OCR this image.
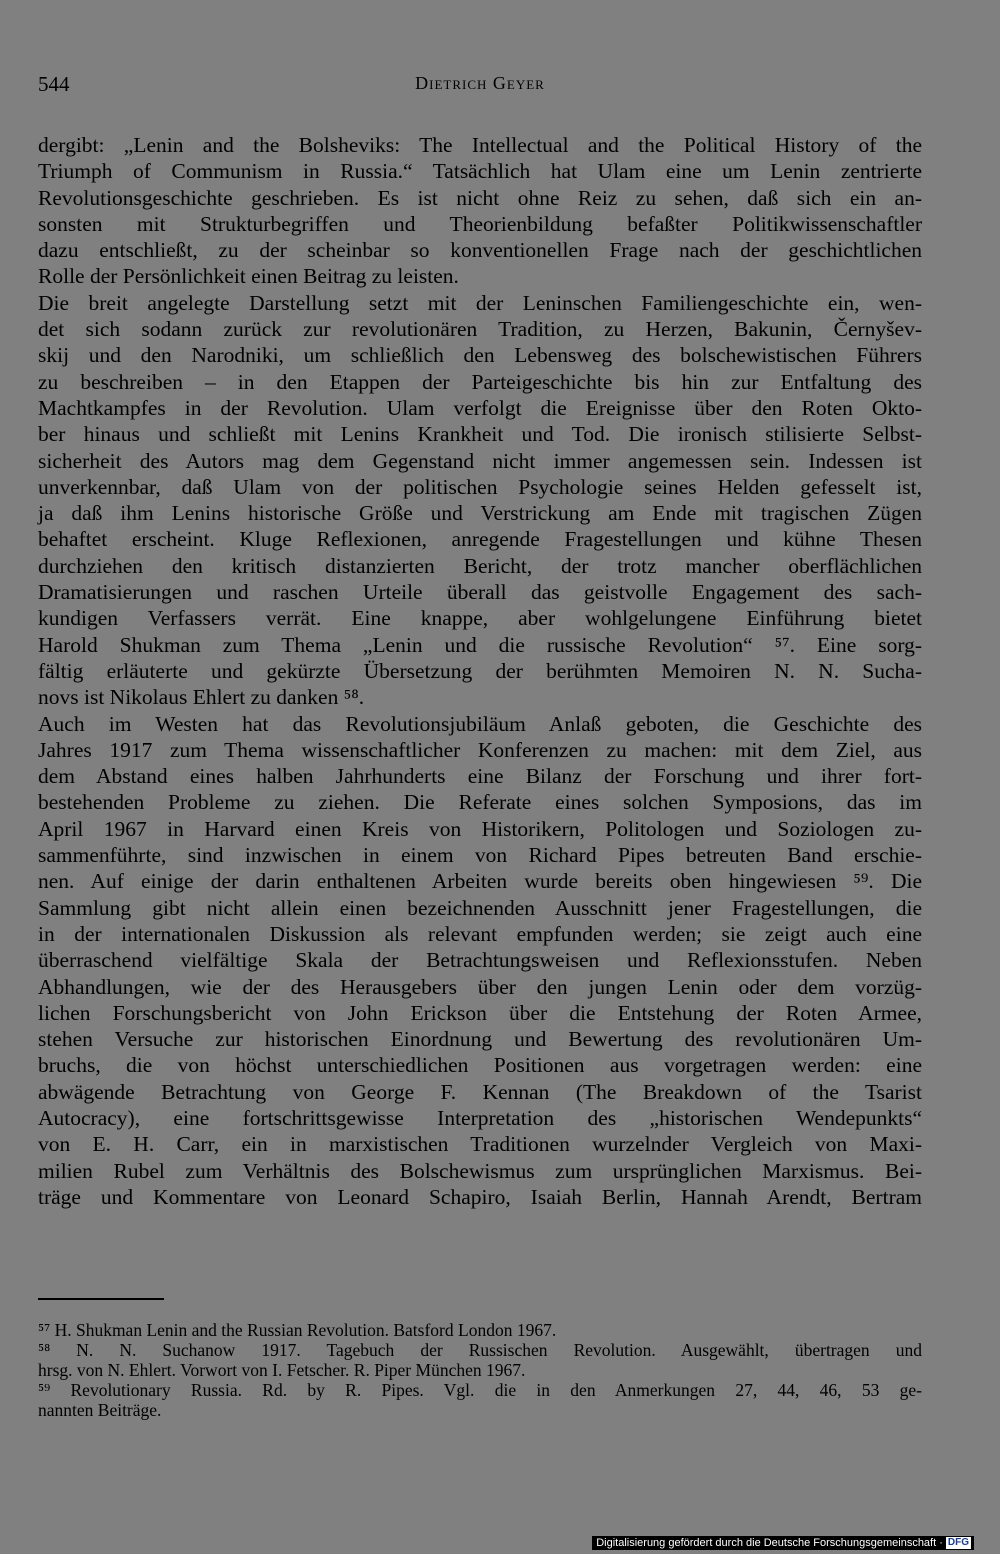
544	Dietrich Geyer
dergibt: „Lenin and the Bolsheviks: The Intellectual and the Political History of the
Triumph of Communism in Russia.“ Tatsächlich hat Ulam eine um Lenin zentrierte
Revolutionsgeschichte geschrieben. Es ist nicht ohne Reiz zu sehen, daß sich ein an-
sonsten mit Strukturbegriffen und Theorienbildung befaßter Politikwissenschaftler
dazu entschließt, zu der scheinbar so konventionellen Frage nach der geschichtlichen
Rolle der Persönlichkeit einen Beitrag zu leisten.
Die breit angelegte Darstellung setzt mit der Leninschen Familiengeschichte ein, wen-
det sich sodann zurück zur revolutionären Tradition, zu Herzen, Bakunin, Černyšev-
skij und den Narodniki, um schließlich den Lebensweg des bolschewistischen Führers
zu beschreiben – in den Etappen der Parteigeschichte bis hin zur Entfaltung des
Machtkampfes in der Revolution. Ulam verfolgt die Ereignisse über den Roten Okto-
ber hinaus und schließt mit Lenins Krankheit und Tod. Die ironisch stilisierte Selbst-
sicherheit des Autors mag dem Gegenstand nicht immer angemessen sein. Indessen ist
unverkennbar, daß Ulam von der politischen Psychologie seines Helden gefesselt ist,
ja daß ihm Lenins historische Größe und Verstrickung am Ende mit tragischen Zügen
behaftet erscheint. Kluge Reflexionen, anregende Fragestellungen und kühne Thesen
durchziehen den kritisch distanzierten Bericht, der trotz mancher oberflächlichen
Dramatisierungen und raschen Urteile überall das geistvolle Engagement des sach-
kundigen Verfassers verrät. Eine knappe, aber wohlgelungene Einführung bietet
Harold Shukman zum Thema „Lenin und die russische Revolution“ ⁵⁷. Eine sorg-
fältig erläuterte und gekürzte Übersetzung der berühmten Memoiren N. N. Sucha-
novs ist Nikolaus Ehlert zu danken ⁵⁸.
Auch im Westen hat das Revolutionsjubiläum Anlaß geboten, die Geschichte des
Jahres 1917 zum Thema wissenschaftlicher Konferenzen zu machen: mit dem Ziel, aus
dem Abstand eines halben Jahrhunderts eine Bilanz der Forschung und ihrer fort-
bestehenden Probleme zu ziehen. Die Referate eines solchen Symposions, das im
April 1967 in Harvard einen Kreis von Historikern, Politologen und Soziologen zu-
sammenführte, sind inzwischen in einem von Richard Pipes betreuten Band erschie-
nen. Auf einige der darin enthaltenen Arbeiten wurde bereits oben hingewiesen ⁵⁹. Die
Sammlung gibt nicht allein einen bezeichnenden Ausschnitt jener Fragestellungen, die
in der internationalen Diskussion als relevant empfunden werden; sie zeigt auch eine
überraschend vielfältige Skala der Betrachtungsweisen und Reflexionsstufen. Neben
Abhandlungen, wie der des Herausgebers über den jungen Lenin oder dem vorzüg-
lichen Forschungsbericht von John Erickson über die Entstehung der Roten Armee,
stehen Versuche zur historischen Einordnung und Bewertung des revolutionären Um-
bruchs, die von höchst unterschiedlichen Positionen aus vorgetragen werden: eine
abwägende Betrachtung von George F. Kennan (The Breakdown of the Tsarist
Autocracy), eine fortschrittsgewisse Interpretation des „historischen Wendepunkts“
von E. H. Carr, ein in marxistischen Traditionen wurzelnder Vergleich von Maxi-
milien Rubel zum Verhältnis des Bolschewismus zum ursprünglichen Marxismus. Bei-
träge und Kommentare von Leonard Schapiro, Isaiah Berlin, Hannah Arendt, Bertram
⁵⁷ H. Shukman Lenin and the Russian Revolution. Batsford London 1967.
⁵⁸ N. N. Suchanow 1917. Tagebuch der Russischen Revolution. Ausgewählt, übertragen und
hrsg. von N. Ehlert. Vorwort von I. Fetscher. R. Piper München 1967.
⁵⁹ Revolutionary Russia. Rd. by R. Pipes. Vgl. die in den Anmerkungen 27, 44, 46, 53 ge-
nannten Beiträge.
Digitalisierung gefördert durch die Deutsche Forschungsgemeinschaft · DFG
